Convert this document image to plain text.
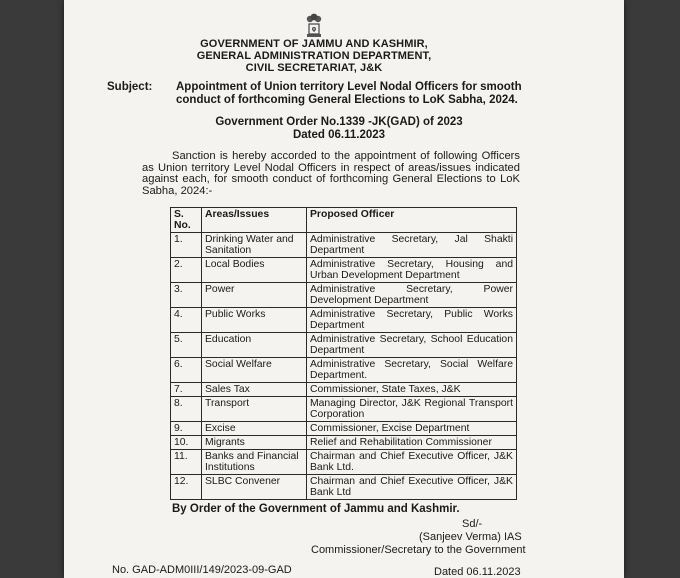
GOVERNMENT OF JAMMU AND KASHMIR,
GENERAL ADMINISTRATION DEPARTMENT,
CIVIL SECRETARIAT, J&K
Subject: Appointment of Union territory Level Nodal Officers for smooth
conduct of forthcoming General Elections to LoK Sabha, 2024.
Government Order No.1339 -JK(GAD) of 2023
Dated 06.11.2023
Sanction is hereby accorded to the appointment of following Officers as Union territory Level Nodal Officers in respect of areas/issues indicated against each, for smooth conduct of forthcoming General Elections to LoK Sabha, 2024:-
S. No.	Areas/Issues	Proposed Officer
1.	Drinking Water and Sanitation	Administrative Secretary, Jal Shakti Department
2.	Local Bodies	Administrative Secretary, Housing and Urban Development Department
3.	Power	Administrative Secretary, Power Development Department
4.	Public Works	Administrative Secretary, Public Works Department
5.	Education	Administrative Secretary, School Education Department
6.	Social Welfare	Administrative Secretary, Social Welfare Department.
7.	Sales Tax	Commissioner, State Taxes, J&K
8.	Transport	Managing Director, J&K Regional Transport Corporation
9.	Excise	Commissioner, Excise Department
10.	Migrants	Relief and Rehabilitation Commissioner
11.	Banks and Financial Institutions	Chairman and Chief Executive Officer, J&K Bank Ltd.
12.	SLBC Convener	Chairman and Chief Executive Officer, J&K Bank Ltd
By Order of the Government of Jammu and Kashmir.
Sd/-
(Sanjeev Verma) IAS
Commissioner/Secretary to the Government
No. GAD-ADM0III/149/2023-09-GAD	Dated 06.11.2023
